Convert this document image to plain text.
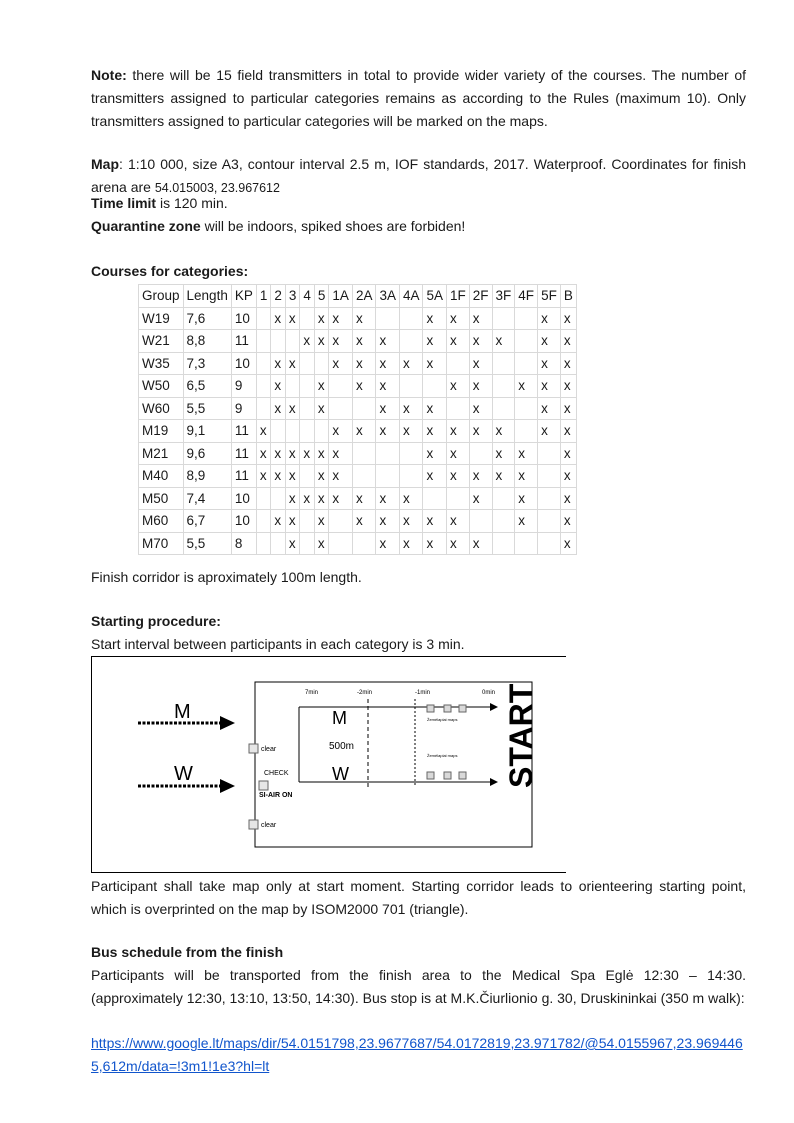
Note: there will be 15 field transmitters in total to provide wider variety of the courses. The number of transmitters assigned to particular categories remains as according to the Rules (maximum 10). Only transmitters assigned to particular categories will be marked on the maps.
Map: 1:10 000, size A3, contour interval 2.5 m, IOF standards, 2017. Waterproof. Coordinates for finish arena are 54.015003, 23.967612
Time limit is 120 min.
Quarantine zone will be indoors, spiked shoes are forbiden!
Courses for categories:
Group	Length	KP	1	2	3	4	5	1A	2A	3A	4A	5A	1F	2F	3F	4F	5F	B
W19	7,6	10		x	x		x	x	x			x	x	x			x	x
W21	8,8	11				x	x	x	x	x		x	x	x	x		x	x
W35	7,3	10		x	x			x	x	x	x	x		x			x	x
W50	6,5	9		x			x		x	x			x	x		x	x	x
W60	5,5	9		x	x		x			x	x	x		x			x	x
M19	9,1	11	x					x	x	x	x	x	x	x	x		x	x
M21	9,6	11	x	x	x	x	x	x				x	x		x	x		x
M40	8,9	11	x	x	x		x	x				x	x	x	x	x		x
M50	7,4	10			x	x	x	x	x	x	x			x		x		x
M60	6,7	10		x	x		x		x	x	x	x	x			x		x
M70	5,5	8			x		x			x	x	x	x	x				x
Finish corridor is aproximately 100m length.
Starting procedure:
Start interval between participants in each category is 3 min.
M
W
clear
CHECK
SI-AIR ON
clear
7min	-2min	-1min	0min
M
500m
W
Žemėlapiai maps
Žemėlapiai maps START
Participant shall take map only at start moment. Starting corridor leads to orienteering starting point, which is overprinted on the map by ISOM2000 701 (triangle).
Bus schedule from the finish
Participants will be transported from the finish area to the Medical Spa Eglė 12:30 – 14:30. (approximately 12:30, 13:10, 13:50, 14:30). Bus stop is at M.K.Čiurlionio g. 30, Druskininkai (350 m walk):
https://www.google.lt/maps/dir/54.0151798,23.9677687/54.0172819,23.971782/@54.0155967,23.9694465,612m/data=!3m1!1e3?hl=lt
